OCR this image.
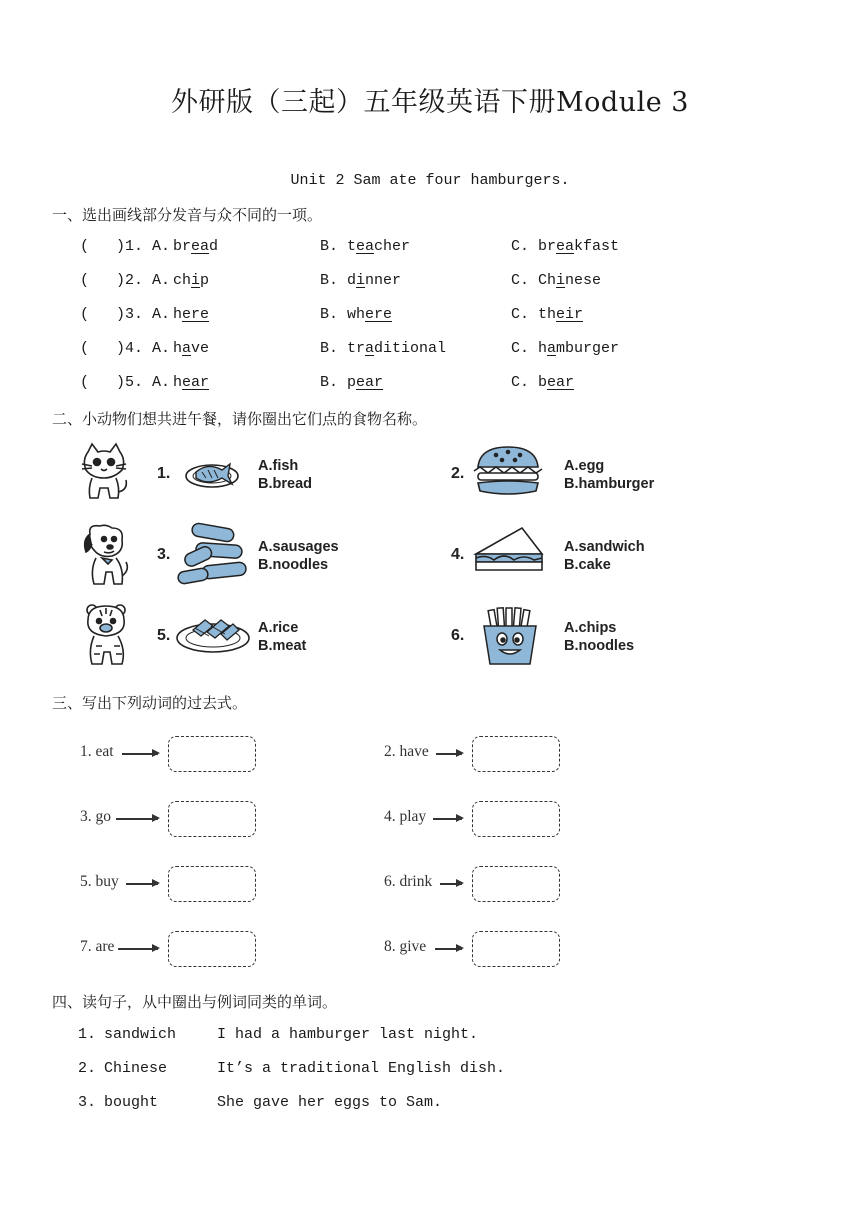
外研版（三起）五年级英语下册Module 3
Unit 2 Sam ate four hamburgers.
一、选出画线部分发音与众不同的一项。
(   )1. A. bread	B. teacher	C. breakfast
(   )2. A. chip	B. dinner	C. Chinese
(   )3. A. here	B. where	C. their
(   )4. A. have	B. traditional	C. hamburger
(   )5. A. hear	B. pear	C. bear
二、小动物们想共进午餐，请你圈出它们点的食物名称。
1.	A.fish
B.bread
2.	A.egg
B.hamburger
3.	A.sausages
B.noodles
4.	A.sandwich
B.cake
5.	A.rice
B.meat
6.	A.chips
B.noodles
三、写出下列动词的过去式。
1. eat	2. have
3. go	4. play
5. buy	6. drink
7. are	8. give
四、读句子，从中圈出与例词同类的单词。
1. sandwich	I had a hamburger last night.
2. Chinese	It’s a traditional English dish.
3. bought	She gave her eggs to Sam.
